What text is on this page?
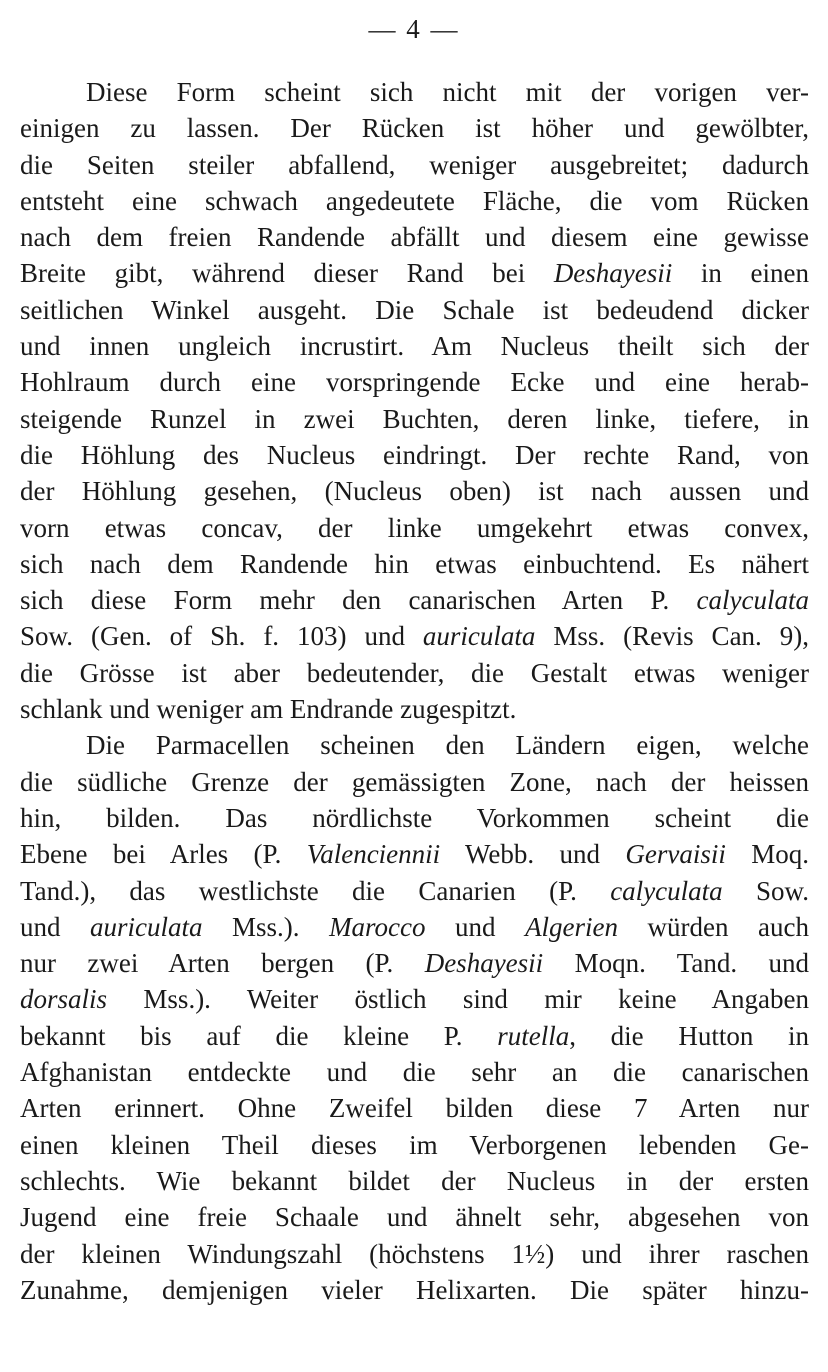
— 4 —
Diese Form scheint sich nicht mit der vorigen ver-
einigen zu lassen. Der Rücken ist höher und gewölbter,
die Seiten steiler abfallend, weniger ausgebreitet; dadurch
entsteht eine schwach angedeutete Fläche, die vom Rücken
nach dem freien Randende abfällt und diesem eine gewisse
Breite gibt, während dieser Rand bei Deshayesii in einen
seitlichen Winkel ausgeht. Die Schale ist bedeudend dicker
und innen ungleich incrustirt. Am Nucleus theilt sich der
Hohlraum durch eine vorspringende Ecke und eine herab-
steigende Runzel in zwei Buchten, deren linke, tiefere, in
die Höhlung des Nucleus eindringt. Der rechte Rand, von
der Höhlung gesehen, (Nucleus oben) ist nach aussen und
vorn etwas concav, der linke umgekehrt etwas convex,
sich nach dem Randende hin etwas einbuchtend. Es nähert
sich diese Form mehr den canarischen Arten P. calyculata
Sow. (Gen. of Sh. f. 103) und auriculata Mss. (Revis Can. 9),
die Grösse ist aber bedeutender, die Gestalt etwas weniger
schlank und weniger am Endrande zugespitzt.
Die Parmacellen scheinen den Ländern eigen, welche
die südliche Grenze der gemässigten Zone, nach der heissen
hin, bilden. Das nördlichste Vorkommen scheint die
Ebene bei Arles (P. Valenciennii Webb. und Gervaisii Moq.
Tand.), das westlichste die Canarien (P. calyculata Sow.
und auriculata Mss.). Marocco und Algerien würden auch
nur zwei Arten bergen (P. Deshayesii Moqn. Tand. und
dorsalis Mss.). Weiter östlich sind mir keine Angaben
bekannt bis auf die kleine P. rutella, die Hutton in
Afghanistan entdeckte und die sehr an die canarischen
Arten erinnert. Ohne Zweifel bilden diese 7 Arten nur
einen kleinen Theil dieses im Verborgenen lebenden Ge-
schlechts. Wie bekannt bildet der Nucleus in der ersten
Jugend eine freie Schaale und ähnelt sehr, abgesehen von
der kleinen Windungszahl (höchstens 1½) und ihrer raschen
Zunahme, demjenigen vieler Helixarten. Die später hinzu-
